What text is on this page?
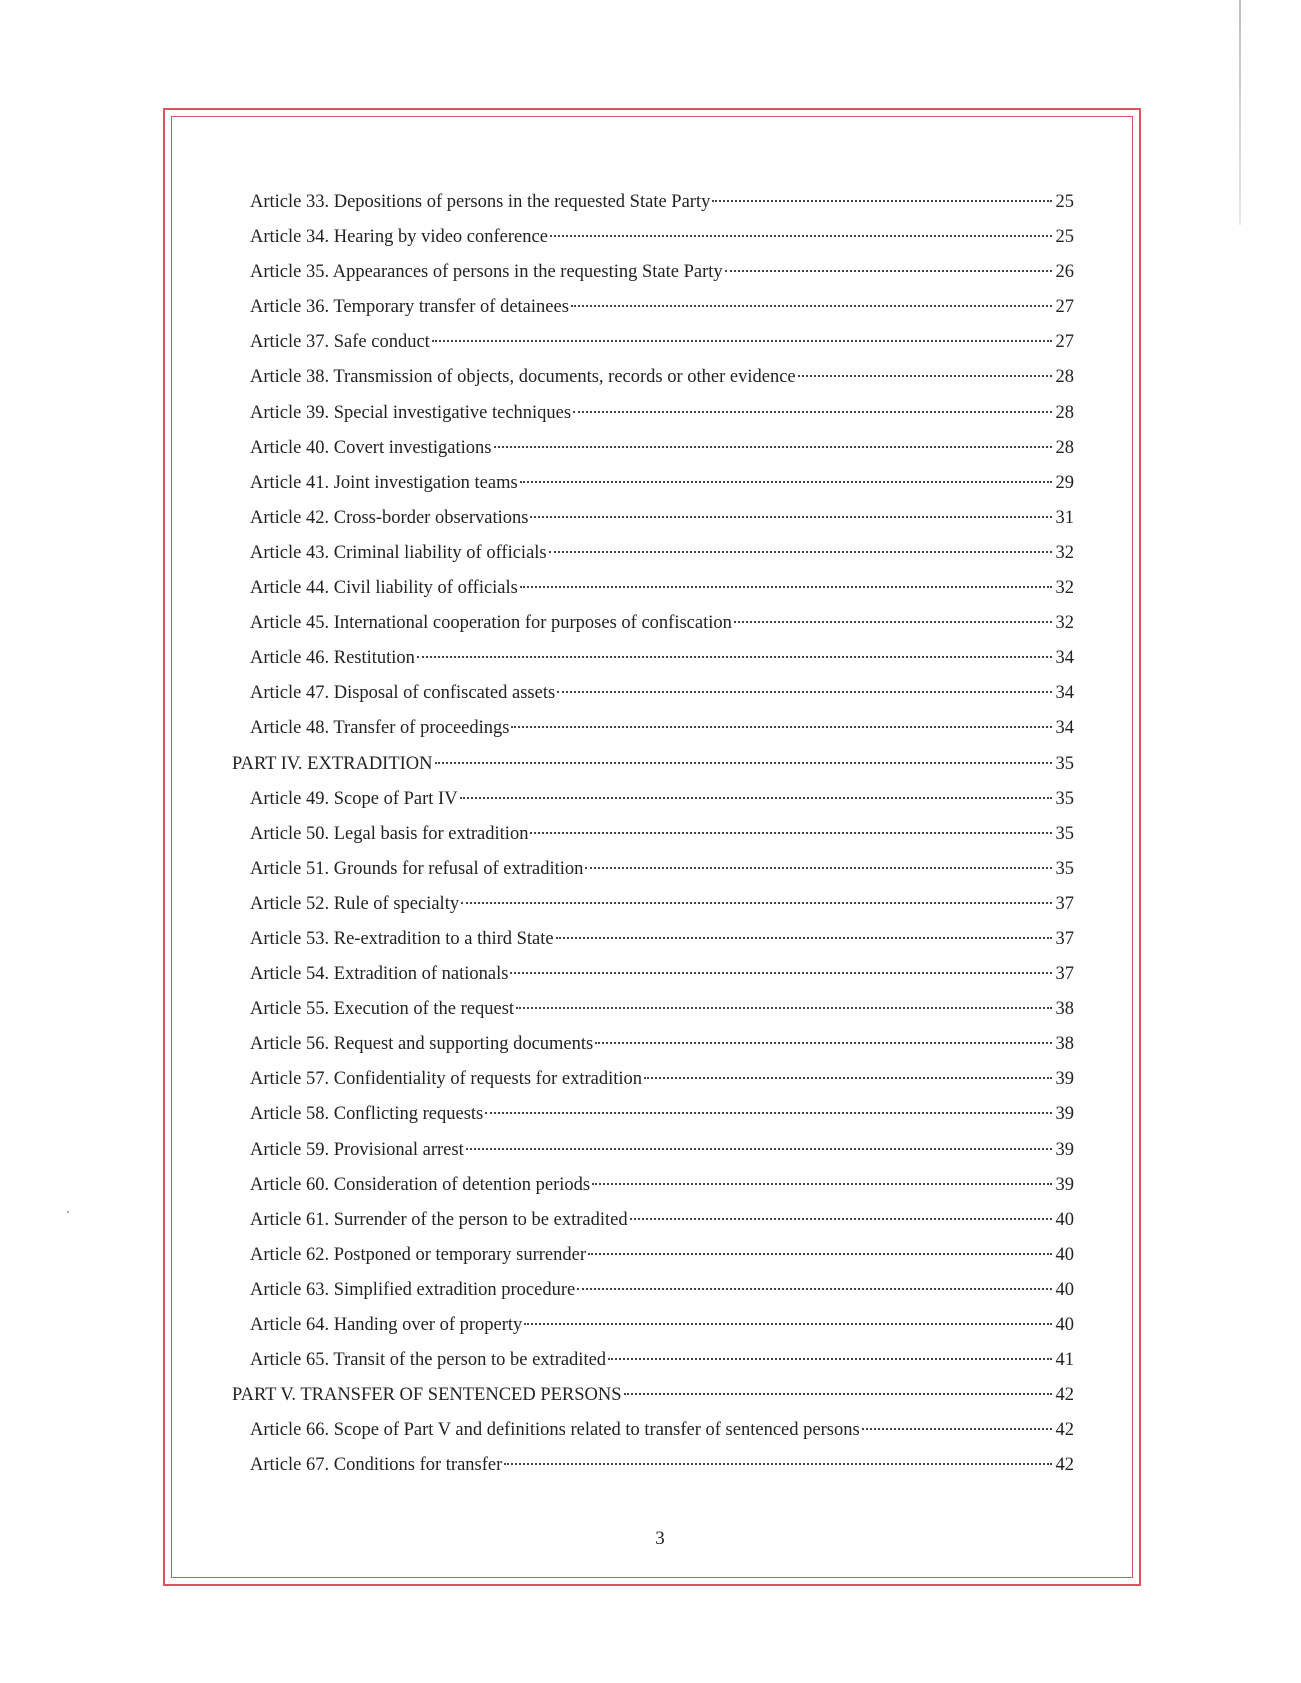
Article 33. Depositions of persons in the requested State Party	25
Article 34. Hearing by video conference	25
Article 35. Appearances of persons in the requesting State Party	26
Article 36. Temporary transfer of detainees	27
Article 37. Safe conduct	27
Article 38. Transmission of objects, documents, records or other evidence	28
Article 39. Special investigative techniques	28
Article 40. Covert investigations	28
Article 41. Joint investigation teams	29
Article 42. Cross-border observations	31
Article 43. Criminal liability of officials	32
Article 44. Civil liability of officials	32
Article 45. International cooperation for purposes of confiscation	32
Article 46. Restitution	34
Article 47. Disposal of confiscated assets	34
Article 48. Transfer of proceedings	34
PART IV. EXTRADITION	35
Article 49. Scope of Part IV	35
Article 50. Legal basis for extradition	35
Article 51. Grounds for refusal of extradition	35
Article 52. Rule of specialty	37
Article 53. Re-extradition to a third State	37
Article 54. Extradition of nationals	37
Article 55. Execution of the request	38
Article 56. Request and supporting documents	38
Article 57. Confidentiality of requests for extradition	39
Article 58. Conflicting requests	39
Article 59. Provisional arrest	39
Article 60. Consideration of detention periods	39
Article 61. Surrender of the person to be extradited	40
Article 62. Postponed or temporary surrender	40
Article 63. Simplified extradition procedure	40
Article 64. Handing over of property	40
Article 65. Transit of the person to be extradited	41
PART V. TRANSFER OF SENTENCED PERSONS	42
Article 66. Scope of Part V and definitions related to transfer of sentenced persons	42
Article 67. Conditions for transfer	42
3
